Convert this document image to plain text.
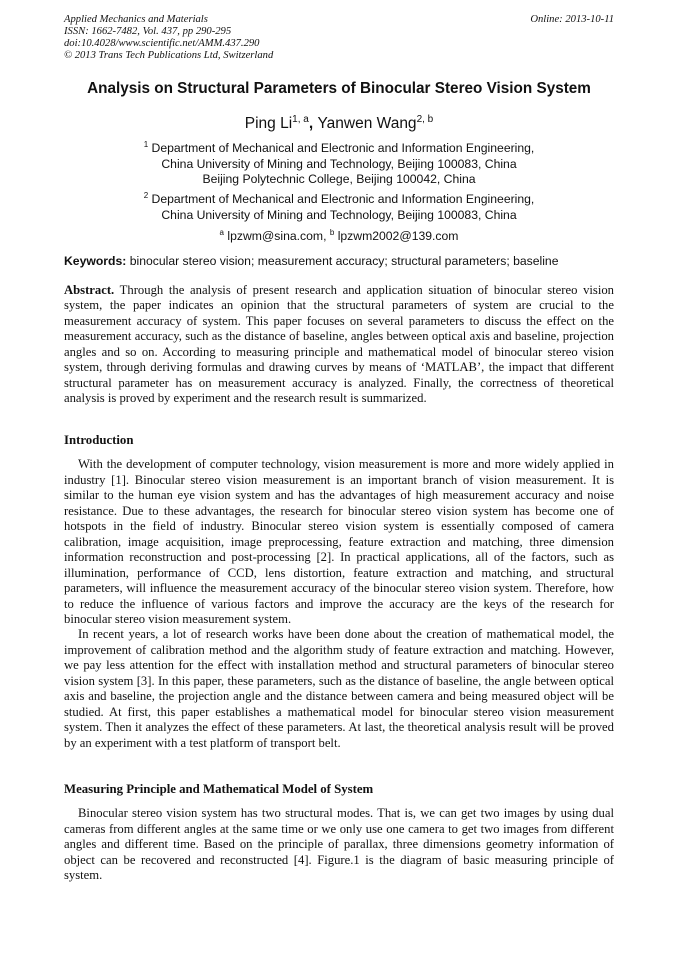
Applied Mechanics and Materials
ISSN: 1662-7482, Vol. 437, pp 290-295
doi:10.4028/www.scientific.net/AMM.437.290
© 2013 Trans Tech Publications Ltd, Switzerland
Online: 2013-10-11
Analysis on Structural Parameters of Binocular Stereo Vision System
Ping Li$^{1, a}$, Yanwen Wang$^{2, b}$
$^1$ Department of Mechanical and Electronic and Information Engineering,
China University of Mining and Technology, Beijing 100083, China
Beijing Polytechnic College, Beijing 100042, China
$^2$ Department of Mechanical and Electronic and Information Engineering,
China University of Mining and Technology, Beijing 100083, China
$^a$ lpzwm@sina.com, $^b$ lpzwm2002@139.com
Keywords: binocular stereo vision; measurement accuracy; structural parameters; baseline

Abstract. Through the analysis of present research and application situation of binocular stereo vision system, the paper indicates an opinion that the structural parameters of system are crucial to the measurement accuracy of system. This paper focuses on several parameters to discuss the effect on the measurement accuracy, such as the distance of baseline, angles between optical axis and baseline, projection angles and so on. According to measuring principle and mathematical model of binocular stereo vision system, through deriving formulas and drawing curves by means of ‘MATLAB’, the impact that different structural parameter has on measurement accuracy is analyzed. Finally, the correctness of theoretical analysis is proved by experiment and the research result is summarized.

Introduction

With the development of computer technology, vision measurement is more and more widely applied in industry [1]. Binocular stereo vision measurement is an important branch of vision measurement. It is similar to the human eye vision system and has the advantages of high measurement accuracy and noise resistance. Due to these advantages, the research for binocular stereo vision system has become one of hotspots in the field of industry. Binocular stereo vision system is essentially composed of camera calibration, image acquisition, image preprocessing, feature extraction and matching, three dimension information reconstruction and post-processing [2]. In practical applications, all of the factors, such as illumination, performance of CCD, lens distortion, feature extraction and matching, and structural parameters, will influence the measurement accuracy of the binocular stereo vision system. Therefore, how to reduce the influence of various factors and improve the accuracy are the keys of the research for binocular stereo vision measurement system.

In recent years, a lot of research works have been done about the creation of mathematical model, the improvement of calibration method and the algorithm study of feature extraction and matching. However, we pay less attention for the effect with installation method and structural parameters of binocular stereo vision system [3]. In this paper, these parameters, such as the distance of baseline, the angle between optical axis and baseline, the projection angle and the distance between camera and being measured object will be studied. At first, this paper establishes a mathematical model for binocular stereo vision measurement system. Then it analyzes the effect of these parameters. At last, the theoretical analysis result will be proved by an experiment with a test platform of transport belt.

Measuring Principle and Mathematical Model of System

Binocular stereo vision system has two structural modes. That is, we can get two images by using dual cameras from different angles at the same time or we only use one camera to get two images from different angles and different time. Based on the principle of parallax, three dimensions geometry information of object can be recovered and reconstructed [4]. Figure.1 is the diagram of basic measuring principle of system.
